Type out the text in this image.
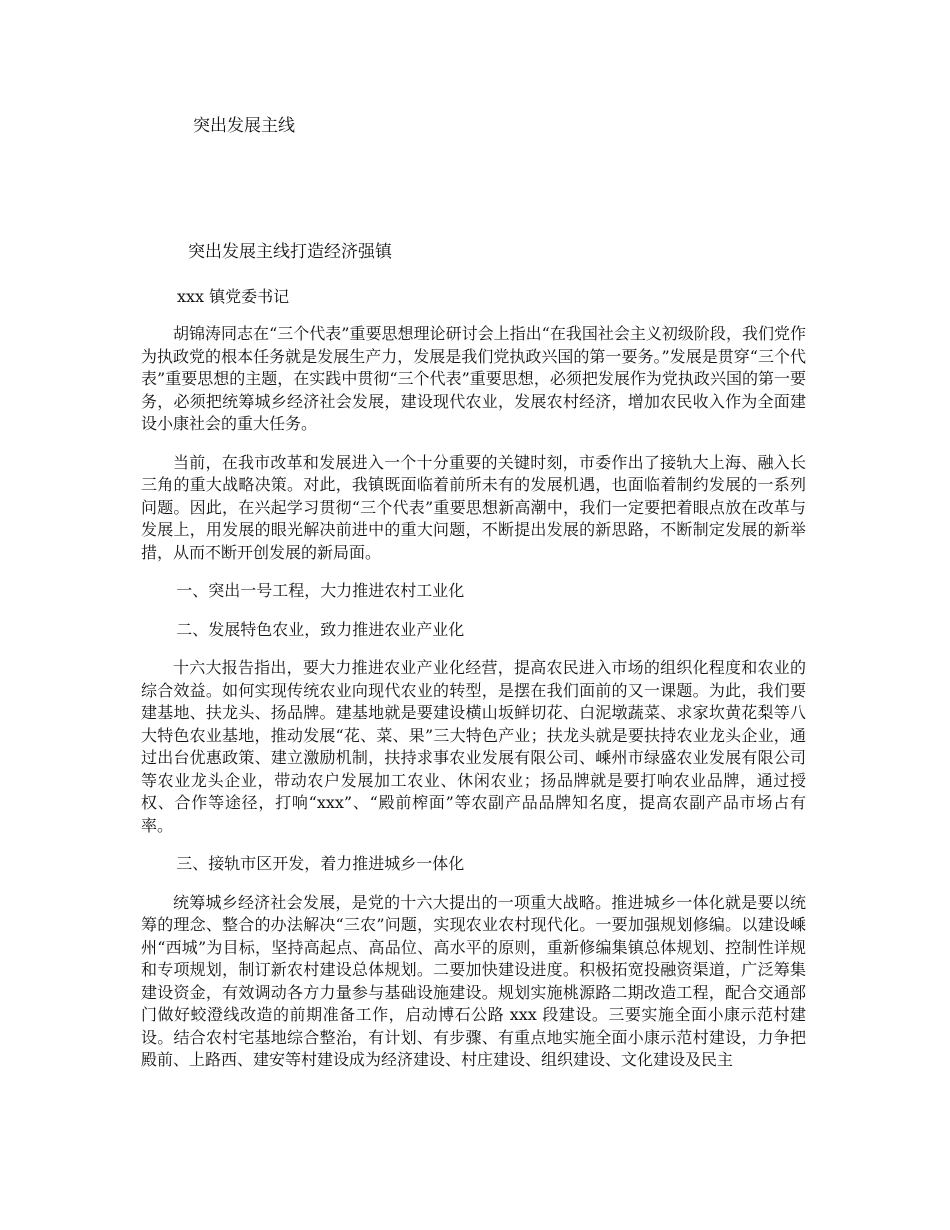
突出发展主线
突出发展主线打造经济强镇

xxx 镇党委书记

胡锦涛同志在“三个代表”重要思想理论研讨会上指出“在我国社会主义初级阶段，我们党作为执政党的根本任务就是发展生产力，发展是我们党执政兴国的第一要务。”发展是贯穿“三个代表”重要思想的主题，在实践中贯彻“三个代表”重要思想，必须把发展作为党执政兴国的第一要务，必须把统筹城乡经济社会发展，建设现代农业，发展农村经济，增加农民收入作为全面建设小康社会的重大任务。

当前，在我市改革和发展进入一个十分重要的关键时刻，市委作出了接轨大上海、融入长三角的重大战略决策。对此，我镇既面临着前所未有的发展机遇，也面临着制约发展的一系列问题。因此，在兴起学习贯彻“三个代表”重要思想新高潮中，我们一定要把着眼点放在改革与发展上，用发展的眼光解决前进中的重大问题，不断提出发展的新思路，不断制定发展的新举措，从而不断开创发展的新局面。

一、突出一号工程，大力推进农村工业化

二、发展特色农业，致力推进农业产业化

十六大报告指出，要大力推进农业产业化经营，提高农民进入市场的组织化程度和农业的综合效益。如何实现传统农业向现代农业的转型，是摆在我们面前的又一课题。为此，我们要建基地、扶龙头、扬品牌。建基地就是要建设横山坂鲜切花、白泥墩蔬菜、求家坎黄花梨等八大特色农业基地，推动发展“花、菜、果”三大特色产业；扶龙头就是要扶持农业龙头企业，通过出台优惠政策、建立激励机制，扶持求事农业发展有限公司、嵊州市绿盛农业发展有限公司等农业龙头企业，带动农户发展加工农业、休闲农业；扬品牌就是要打响农业品牌，通过授权、合作等途径，打响“xxx”、“殿前榨面”等农副产品品牌知名度，提高农副产品市场占有率。

三、接轨市区开发，着力推进城乡一体化

统筹城乡经济社会发展，是党的十六大提出的一项重大战略。推进城乡一体化就是要以统筹的理念、整合的办法解决“三农”问题，实现农业农村现代化。一要加强规划修编。以建设嵊州“西城”为目标，坚持高起点、高品位、高水平的原则，重新修编集镇总体规划、控制性详规和专项规划，制订新农村建设总体规划。二要加快建设进度。积极拓宽投融资渠道，广泛筹集建设资金，有效调动各方力量参与基础设施建设。规划实施桃源路二期改造工程，配合交通部门做好蛟澄线改造的前期准备工作，启动博石公路 xxx 段建设。三要实施全面小康示范村建设。结合农村宅基地综合整治，有计划、有步骤、有重点地实施全面小康示范村建设，力争把殿前、上路西、建安等村建设成为经济建设、村庄建设、组织建设、文化建设及民主
